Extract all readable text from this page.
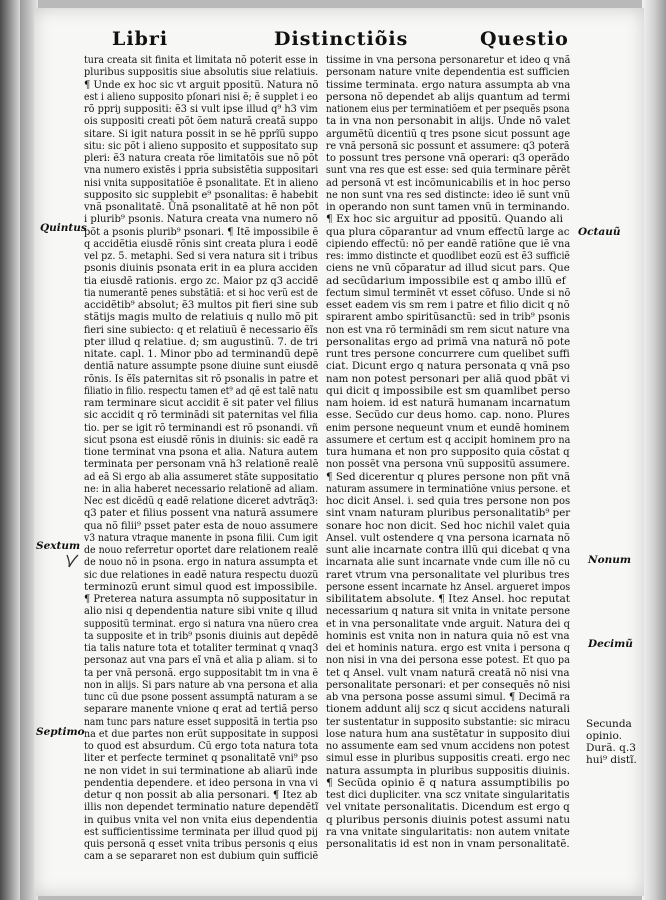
Libri	Distinctiõis	Questio
tura creata sit finita et limitata nõ poterit esse in
pluribus suppositis siue absolutis siue relatiuis.
¶ Unde ex hoc sic vt arguit ppositũ. Natura nõ
est i alieno supposito pſonari nisi ẽ; ẽ supplet i eo
rõ ppriȷ suppositi: ẽ3 si vult ipse illud q⁹ h3 vim
ois suppositi creati põt õem naturã creatã suppo
sitare. Si igit natura possit in se hẽ pprĩũ suppo
situ: sic põt i alieno supposito et suppositato sup
pleri: ẽ3 natura creata rõe limitatõis sue nõ põt
vna numero existẽs i ppria subsistẽtia suppositari
nisi vnita suppositatiõe ẽ psonalitate. Et in alieno
supposito sic supplebit e⁹ psonalitas: ẽ habebit
vnã psonalitatẽ. Ũnã psonalitatẽ at hẽ non põt
i plurib⁹ psonis. Natura creata vna numero nõ
põt a psonis plurib⁹ psonari. ¶ Itẽ impossibile ẽ
q accidẽtia eiusdẽ rõnis sint creata plura i eodẽ
vel pz. 5. metaphi. Sed si vera natura sit i tribus
psonis diuinis psonata erit in ea plura acciden
tia eiusdẽ rationis. ergo zc. Maior pz q3 accidẽ
tia numerantẽ penes substãtiã: et si hoc verũ est de
accidẽtib⁹ absolut; ẽ3 multos pit fieri sine sub
stãtijs magis multo de relatiuis q nullo mõ pit
fieri sine subiecto: q et relatiuũ ẽ necessario ẽĩs
pter illud q relatiue. d; sm augustinũ. 7. de tri
nitate. capl. 1. Minor pbo ad terminandũ depẽ
dentiã nature assumpte psone diuine sunt eiusdẽ
rõnis. Is ẽĩs paternitas sit rõ psonalis in patre et
filiatio in filio. respectu tamen et⁹ ad qẽ est talẽ natu
ram terminare sicut accidit ẽ sit pater vel filius
sic accidit q rõ terminãdi sit paternitas vel filia
tio. per se igit rõ terminandi est rõ psonandi. vñ
sicut psona est eiusdẽ rõnis in diuinis: sic eadẽ ra
tione terminat vna psona et alia. Natura autem
terminata per personam vnã h3 relationẽ realẽ
ad eã Si ergo ab alia assumeret stãte suppositatio
ne: in alia haberet necessario relationẽ ad aliam.
Nec est dicẽdũ q eadẽ relatione diceret advtrãq3:
q3 pater et filius possent vna naturã assumere
qua nõ filii⁹ psset pater esta de nouo assumere
v3 natura vtraque manente in psona filii. Cum igit
de nouo referretur oportet dare relationem realẽ
de nouo nõ in psona. ergo in natura assumpta et
sic due relationes in eadẽ natura respectu duozũ
terminozũ erunt simul quod est impossibile.
¶ Preterea natura assumpta nõ suppositatur in
alio nisi q dependentia nature sibi vnite q illud
suppositũ terminat. ergo si natura vna nũero crea
ta supposite et in trib⁹ psonis diuinis aut depẽdẽ
tia talis nature tota et totaliter terminat q vnaq3
personaz aut vna pars eĩ vnã et alia p aliam. si to
ta per vnã personã. ergo suppositabit tm in vna ẽ
non in alijs. Si pars nature ab vna persona et alia
tunc cũ due psone possent assumptã naturam a se
separare manente vnione q erat ad tertiã perso
nam tunc pars nature esset suppositã in tertia pso
na et due partes non erũt suppositate in supposi
to quod est absurdum. Cũ ergo tota natura tota
liter et perfecte terminet q psonalitatẽ vni⁹ pso
ne non videt in sui terminatione ab aliarũ inde
pendentia dependere. et ideo persona in vna vi
detur q non possit ab alia personari. ¶ Itez ab
illis non dependet terminatio nature dependẽtĩ
in quibus vnita vel non vnita eius dependentia
est sufficientissime terminata per illud quod pij
quis personã q esset vnita tribus personis q eius
cam a se separaret non est dubium quin sufficiẽ
tissime in vna persona personaretur et ideo q vnã
personam nature vnite dependentia est sufficien
tissime terminata. ergo natura assumpta ab vna
persona nõ dependet ab alijs quantum ad termi
nationem eius per terminatiõem et per psequẽs psona
ta in vna non personabit in alijs. Unde nõ valet
argumẽtũ dicentiũ q tres psone sicut possunt age
re vnã personã sic possunt et assumere: q3 poterã
to possunt tres persone vnã operari: q3 operãdo
sunt vna res que est esse: sed quia terminare pẽrẽt
ad personã vt est incõmunicabilis et in hoc perso
ne non sunt vna res sed distincte: ideo iẽ sunt vnũ
in operando non sunt tamen vnũ in terminando.
¶ Ex hoc sic arguitur ad ppositũ. Quando ali
qua plura cõparantur ad vnum effectũ large ac
cipiendo effectũ: nõ per eandẽ ratiõne que iẽ vna
res: immo distincte et quodlibet eozũ est ẽ3 sufficiẽ
ciens ne vnũ cõparatur ad illud sicut pars. Que
ad secũdarium impossibile est q ambo illũ ef
fectum simul terminẽt vt esset cõfuso. Unde si nõ
esset eadem vis sm rem i patre et filio dicit q nõ
spirarent ambo spiritũsanctũ: sed in trib⁹ psonis
non est vna rõ terminãdi sm rem sicut nature vna
personalitas ergo ad primã vna naturã nõ pote
runt tres persone concurrere cum quelibet suffi
ciat. Dicunt ergo q natura personata q vnã pso
nam non potest personari per aliã quod pbãt vi
qui dicit q impossibile est sm quamlibet perso
nam hoiem. id est naturã humanam incarnatum
esse. Secũdo cur deus homo. cap. nono. Plures
enim persone nequeunt vnum et eundẽ hominem
assumere et certum est q accipit hominem pro na
tura humana et non pro supposito quia cõstat q
non possẽt vna persona vnũ suppositũ assumere.
¶ Sed dicerentur q plures persone non pñt vnã
naturam assumere in terminatiõne vnius persone. et
hoc dicit Ansel. i. sed quia tres persone non pos
sint vnam naturam pluribus personalitatib⁹ per
sonare hoc non dicit. Sed hoc nichil valet quia
Ansel. vult ostendere q vna persona icarnata nõ
sunt alie incarnate contra illũ qui dicebat q vna
incarnata alie sunt incarnate vnde cum ille nõ cu
raret vtrum vna personalitate vel pluribus tres
persone essent incarnate hz Ansel. argueret impos
sibilitatem absolute. ¶ Itez Ansel. hoc reputat
necessarium q natura sit vnita in vnitate persone
et in vna personalitate vnde arguit. Natura dei q
hominis est vnita non in natura quia nõ est vna
dei et hominis natura. ergo est vnita i persona q
non nisi in vna dei persona esse potest. Et quo pa
tet q Ansel. vult vnam naturã creatã nõ nisi vna
personalitate personari: et per consequẽs nõ nisi
ab vna persona posse assumi simul. ¶ Decimã ra
tionem addunt alij scz q sicut accidens naturali
ter sustentatur in supposito substantie: sic miracu
lose natura hum ana sustẽtatur in supposito diui
no assumente eam sed vnum accidens non potest
simul esse in pluribus suppositis creati. ergo nec
natura assumpta in pluribus suppositis diuinis.
¶ Secũda opinio ẽ q natura assumptibilis po
test dici dupliciter. vna scz vnitate singularitatis
vel vnitate personalitatis. Dicendum est ergo q
q pluribus personis diuinis potest assumi natu
ra vna vnitate singularitatis: non autem vnitate
personalitatis id est non in vnam personalitatẽ.
Quintus
Sextum
Septimo
Octauũ
Nonum
Decimũ
Secunda
opinio.
Durã. q.3
hui⁹ distĩ.
